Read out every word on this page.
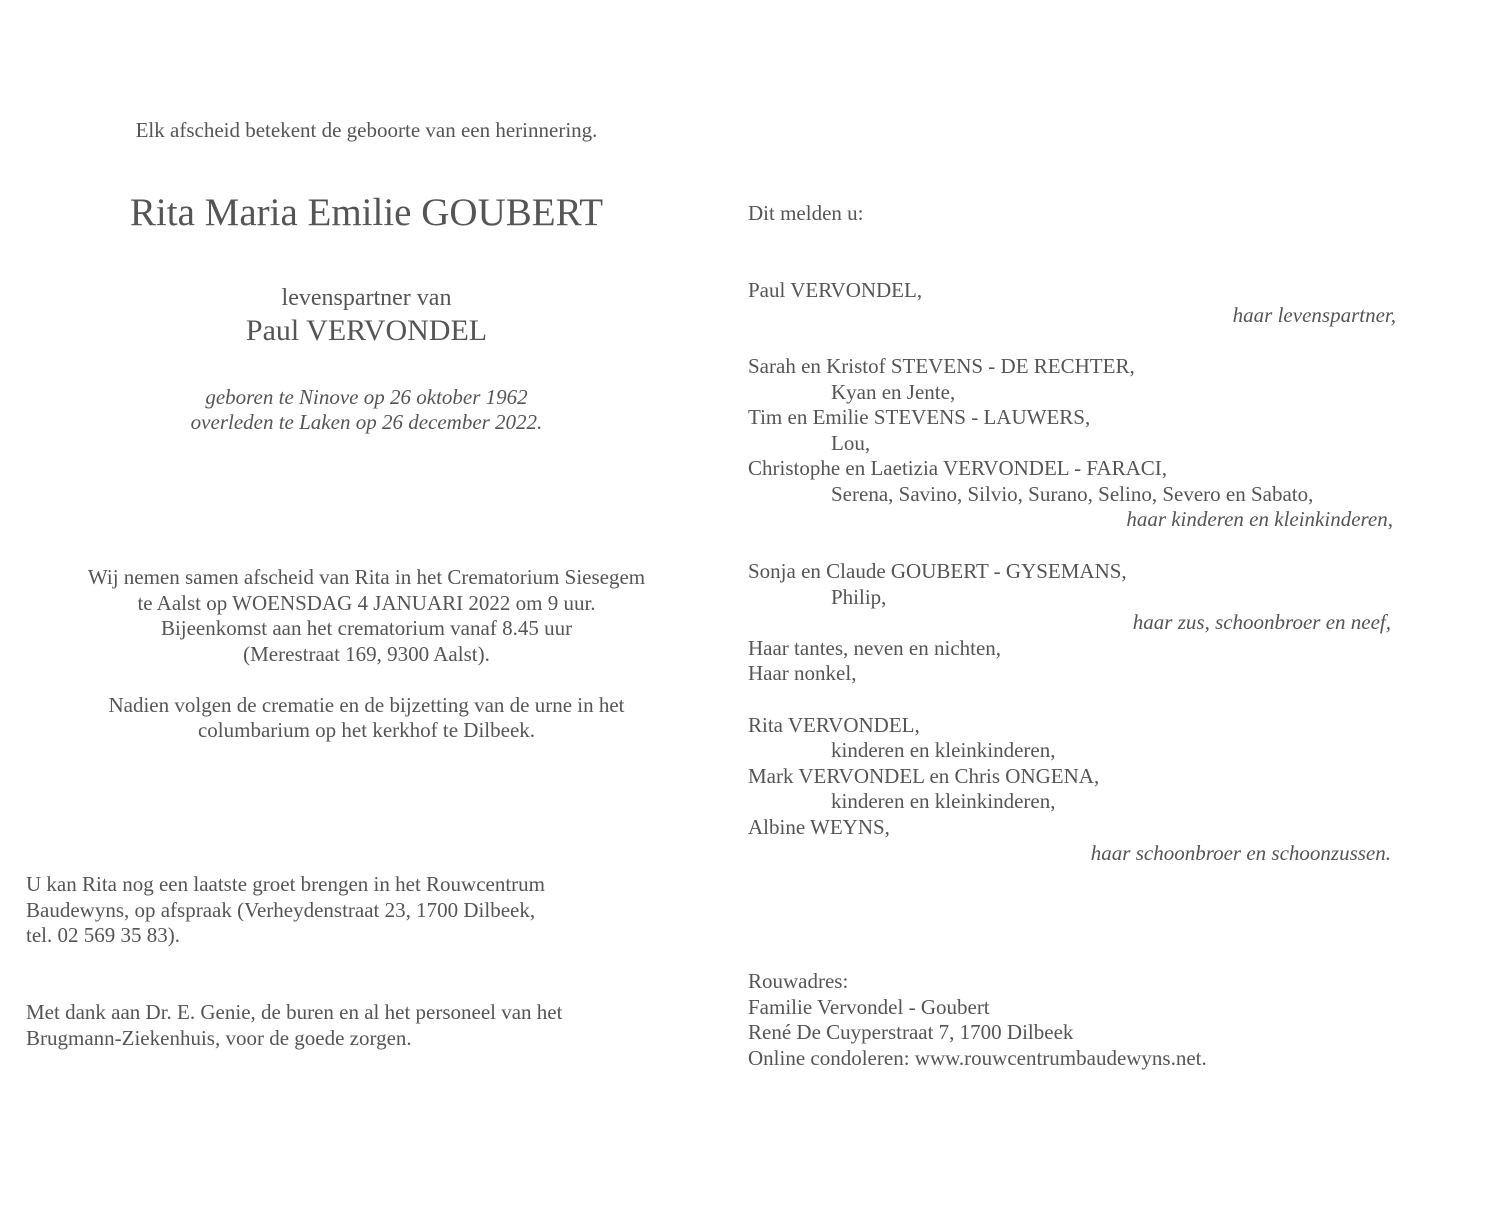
Elk afscheid betekent de geboorte van een herinnering.
Rita Maria Emilie GOUBERT
levenspartner van
Paul VERVONDEL
geboren te Ninove op 26 oktober 1962
overleden te Laken op 26 december 2022.
Wij nemen samen afscheid van Rita in het Crematorium Siesegem
te Aalst op WOENSDAG 4 JANUARI 2022 om 9 uur.
Bijeenkomst aan het crematorium vanaf 8.45 uur
(Merestraat 169, 9300 Aalst).
Nadien volgen de crematie en de bijzetting van de urne in het
columbarium op het kerkhof te Dilbeek.
U kan Rita nog een laatste groet brengen in het Rouwcentrum
Baudewyns, op afspraak (Verheydenstraat 23, 1700 Dilbeek,
tel. 02 569 35 83).
Met dank aan Dr. E. Genie, de buren en al het personeel van het
Brugmann-Ziekenhuis, voor de goede zorgen.
Dit melden u:
Paul VERVONDEL,
haar levenspartner,
Sarah en Kristof STEVENS - DE RECHTER,
Kyan en Jente,
Tim en Emilie STEVENS - LAUWERS,
Lou,
Christophe en Laetizia VERVONDEL - FARACI,
Serena, Savino, Silvio, Surano, Selino, Severo en Sabato,
haar kinderen en kleinkinderen,
Sonja en Claude GOUBERT - GYSEMANS,
Philip,
haar zus, schoonbroer en neef,
Haar tantes, neven en nichten,
Haar nonkel,
Rita VERVONDEL,
kinderen en kleinkinderen,
Mark VERVONDEL en Chris ONGENA,
kinderen en kleinkinderen,
Albine WEYNS,
haar schoonbroer en schoonzussen.
Rouwadres:
Familie Vervondel - Goubert
René De Cuyperstraat 7, 1700 Dilbeek
Online condoleren: www.rouwcentrumbaudewyns.net.
